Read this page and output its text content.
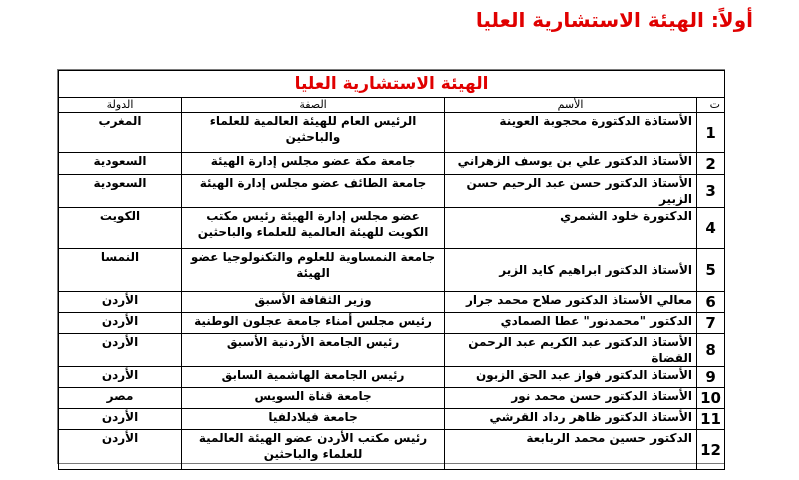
أولاً: الهيئة الاستشارية العليا
الهيئة الاستشارية العليا			
ت	الأسم	الصفة	الدولة
1	الأستاذة الدكتورة محجوبة العوينة	الرئيس العام للهيئة العالمية للعلماء والباحثين	المغرب
2	الأستاذ الدكتور علي بن يوسف الزهراني	جامعة مكة عضو مجلس إدارة الهيئة	السعودية
3	الأستاذ الدكتور حسن عبد الرحيم حسن الزبير	جامعة الطائف عضو مجلس إدارة الهيئة	السعودية
4	الدكتورة خلود الشمري	عضو مجلس إدارة الهيئة رئيس مكتب الكويت للهيئة العالمية للعلماء والباحثين	الكويت
5	الأستاذ الدكتور ابراهيم كايد الزير	جامعة النمساوية للعلوم والتكنولوجيا عضو الهيئة	النمسا
6	معالي الأستاذ الدكتور صلاح محمد جرار	وزير الثقافة الأسبق	الأردن
7	الدكتور "محمدنور" عطا الصمادي	رئيس مجلس أمناء جامعة عجلون الوطنية	الأردن
8	الأستاذ الدكتور عبد الكريم عبد الرحمن القضاة	رئيس الجامعة الأردنية الأسبق	الأردن
9	الأستاذ الدكتور فواز عبد الحق الزبون	رئيس الجامعة الهاشمية السابق	الأردن
10	الأستاذ الدكتور حسن محمد نور	جامعة قناة السويس	مصر
11	الأستاذ الدكتور ظاهر رداد القرشي	جامعة فيلادلفيا	الأردن
12	الدكتور حسين محمد الربابعة	رئيس مكتب الأردن عضو الهيئة العالمية للعلماء والباحثين	الأردن
